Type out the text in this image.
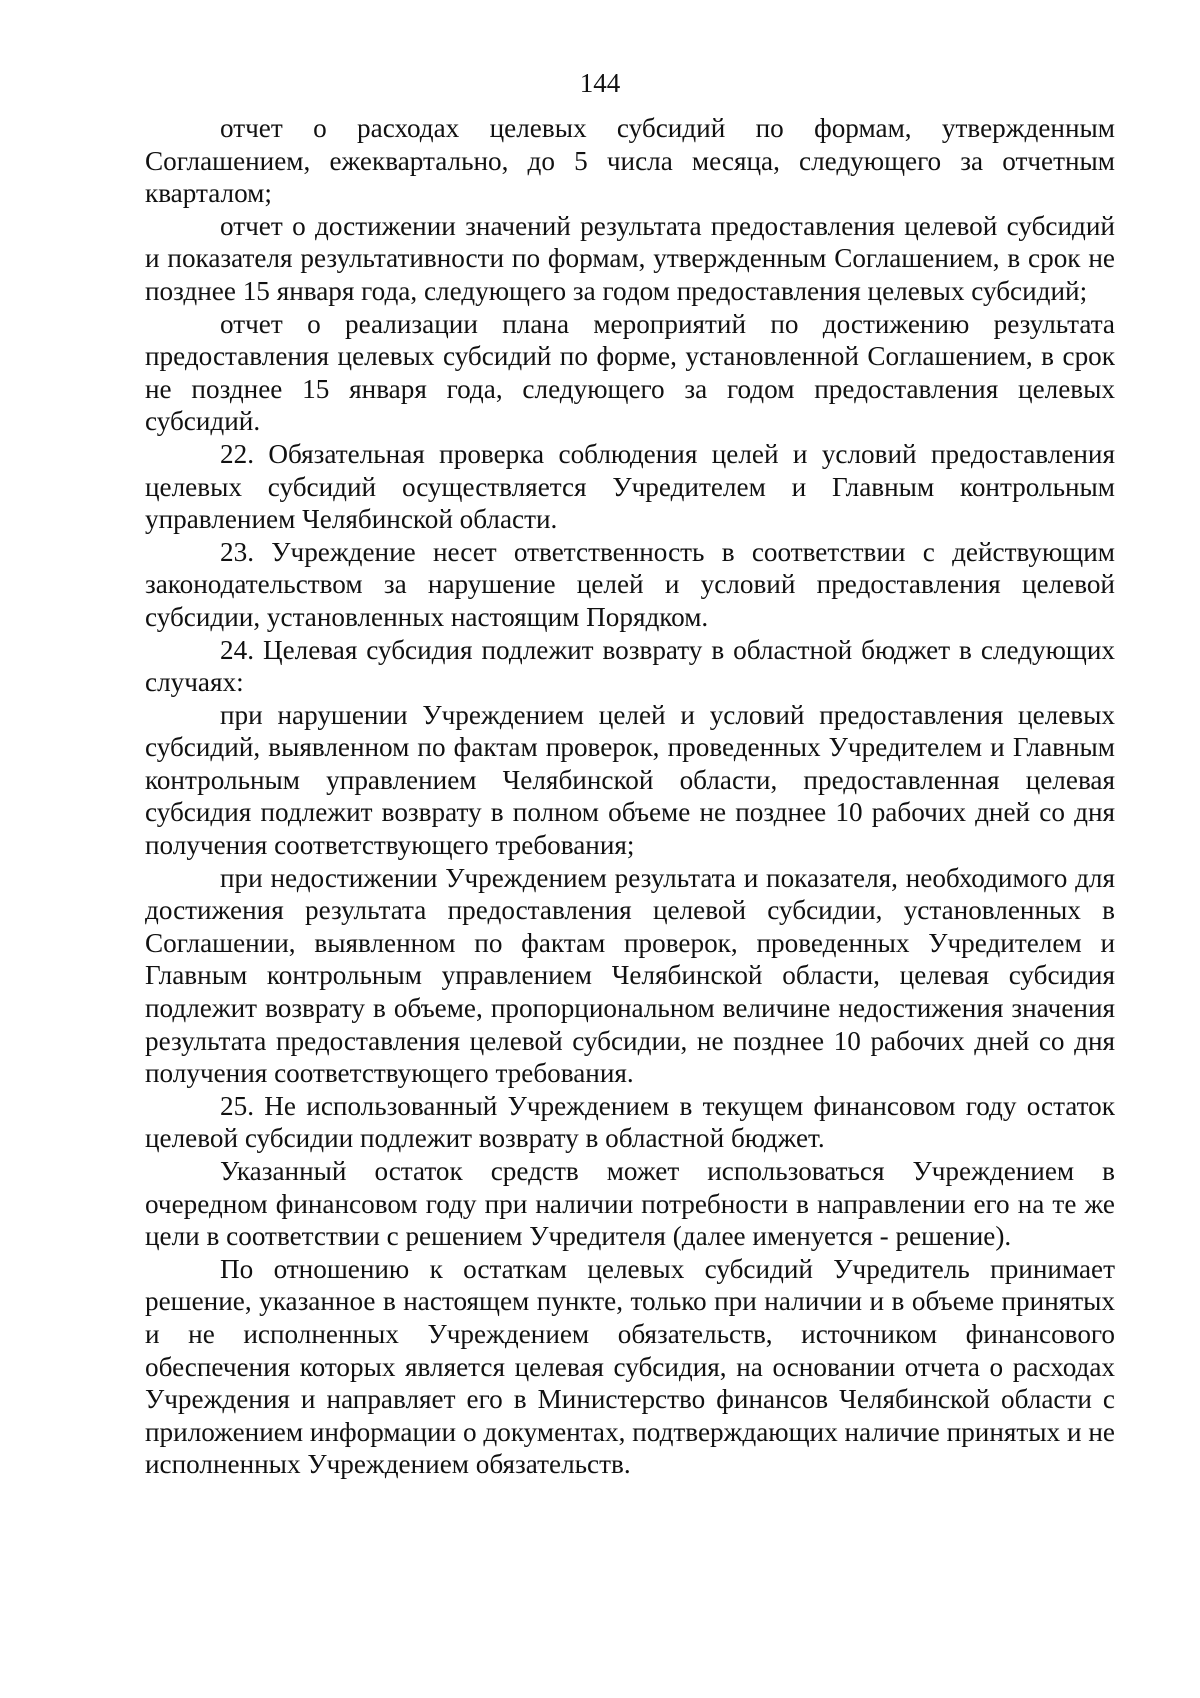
144

отчет о расходах целевых субсидий по формам, утвержденным Соглашением, ежеквартально, до 5 числа месяца, следующего за отчетным кварталом;

отчет о достижении значений результата предоставления целевой субсидий и показателя результативности по формам, утвержденным Соглашением, в срок не позднее 15 января года, следующего за годом предоставления целевых субсидий;

отчет о реализации плана мероприятий по достижению результата предоставления целевых субсидий по форме, установленной Соглашением, в срок не позднее 15 января года, следующего за годом предоставления целевых субсидий.

22. Обязательная проверка соблюдения целей и условий предоставления целевых субсидий осуществляется Учредителем и Главным контрольным управлением Челябинской области.

23. Учреждение несет ответственность в соответствии с действующим законодательством за нарушение целей и условий предоставления целевой субсидии, установленных настоящим Порядком.

24. Целевая субсидия подлежит возврату в областной бюджет в следующих случаях:

при нарушении Учреждением целей и условий предоставления целевых субсидий, выявленном по фактам проверок, проведенных Учредителем и Главным контрольным управлением Челябинской области, предоставленная целевая субсидия подлежит возврату в полном объеме не позднее 10 рабочих дней со дня получения соответствующего требования;

при недостижении Учреждением результата и показателя, необходимого для достижения результата предоставления целевой субсидии, установленных в Соглашении, выявленном по фактам проверок, проведенных Учредителем и Главным контрольным управлением Челябинской области, целевая субсидия подлежит возврату в объеме, пропорциональном величине недостижения значения результата предоставления целевой субсидии, не позднее 10 рабочих дней со дня получения соответствующего требования.

25. Не использованный Учреждением в текущем финансовом году остаток целевой субсидии подлежит возврату в областной бюджет.

Указанный остаток средств может использоваться Учреждением в очередном финансовом году при наличии потребности в направлении его на те же цели в соответствии с решением Учредителя (далее именуется - решение).

По отношению к остаткам целевых субсидий Учредитель принимает решение, указанное в настоящем пункте, только при наличии и в объеме принятых и не исполненных Учреждением обязательств, источником финансового обеспечения которых является целевая субсидия, на основании отчета о расходах Учреждения и направляет его в Министерство финансов Челябинской области с приложением информации о документах, подтверждающих наличие принятых и не исполненных Учреждением обязательств.
